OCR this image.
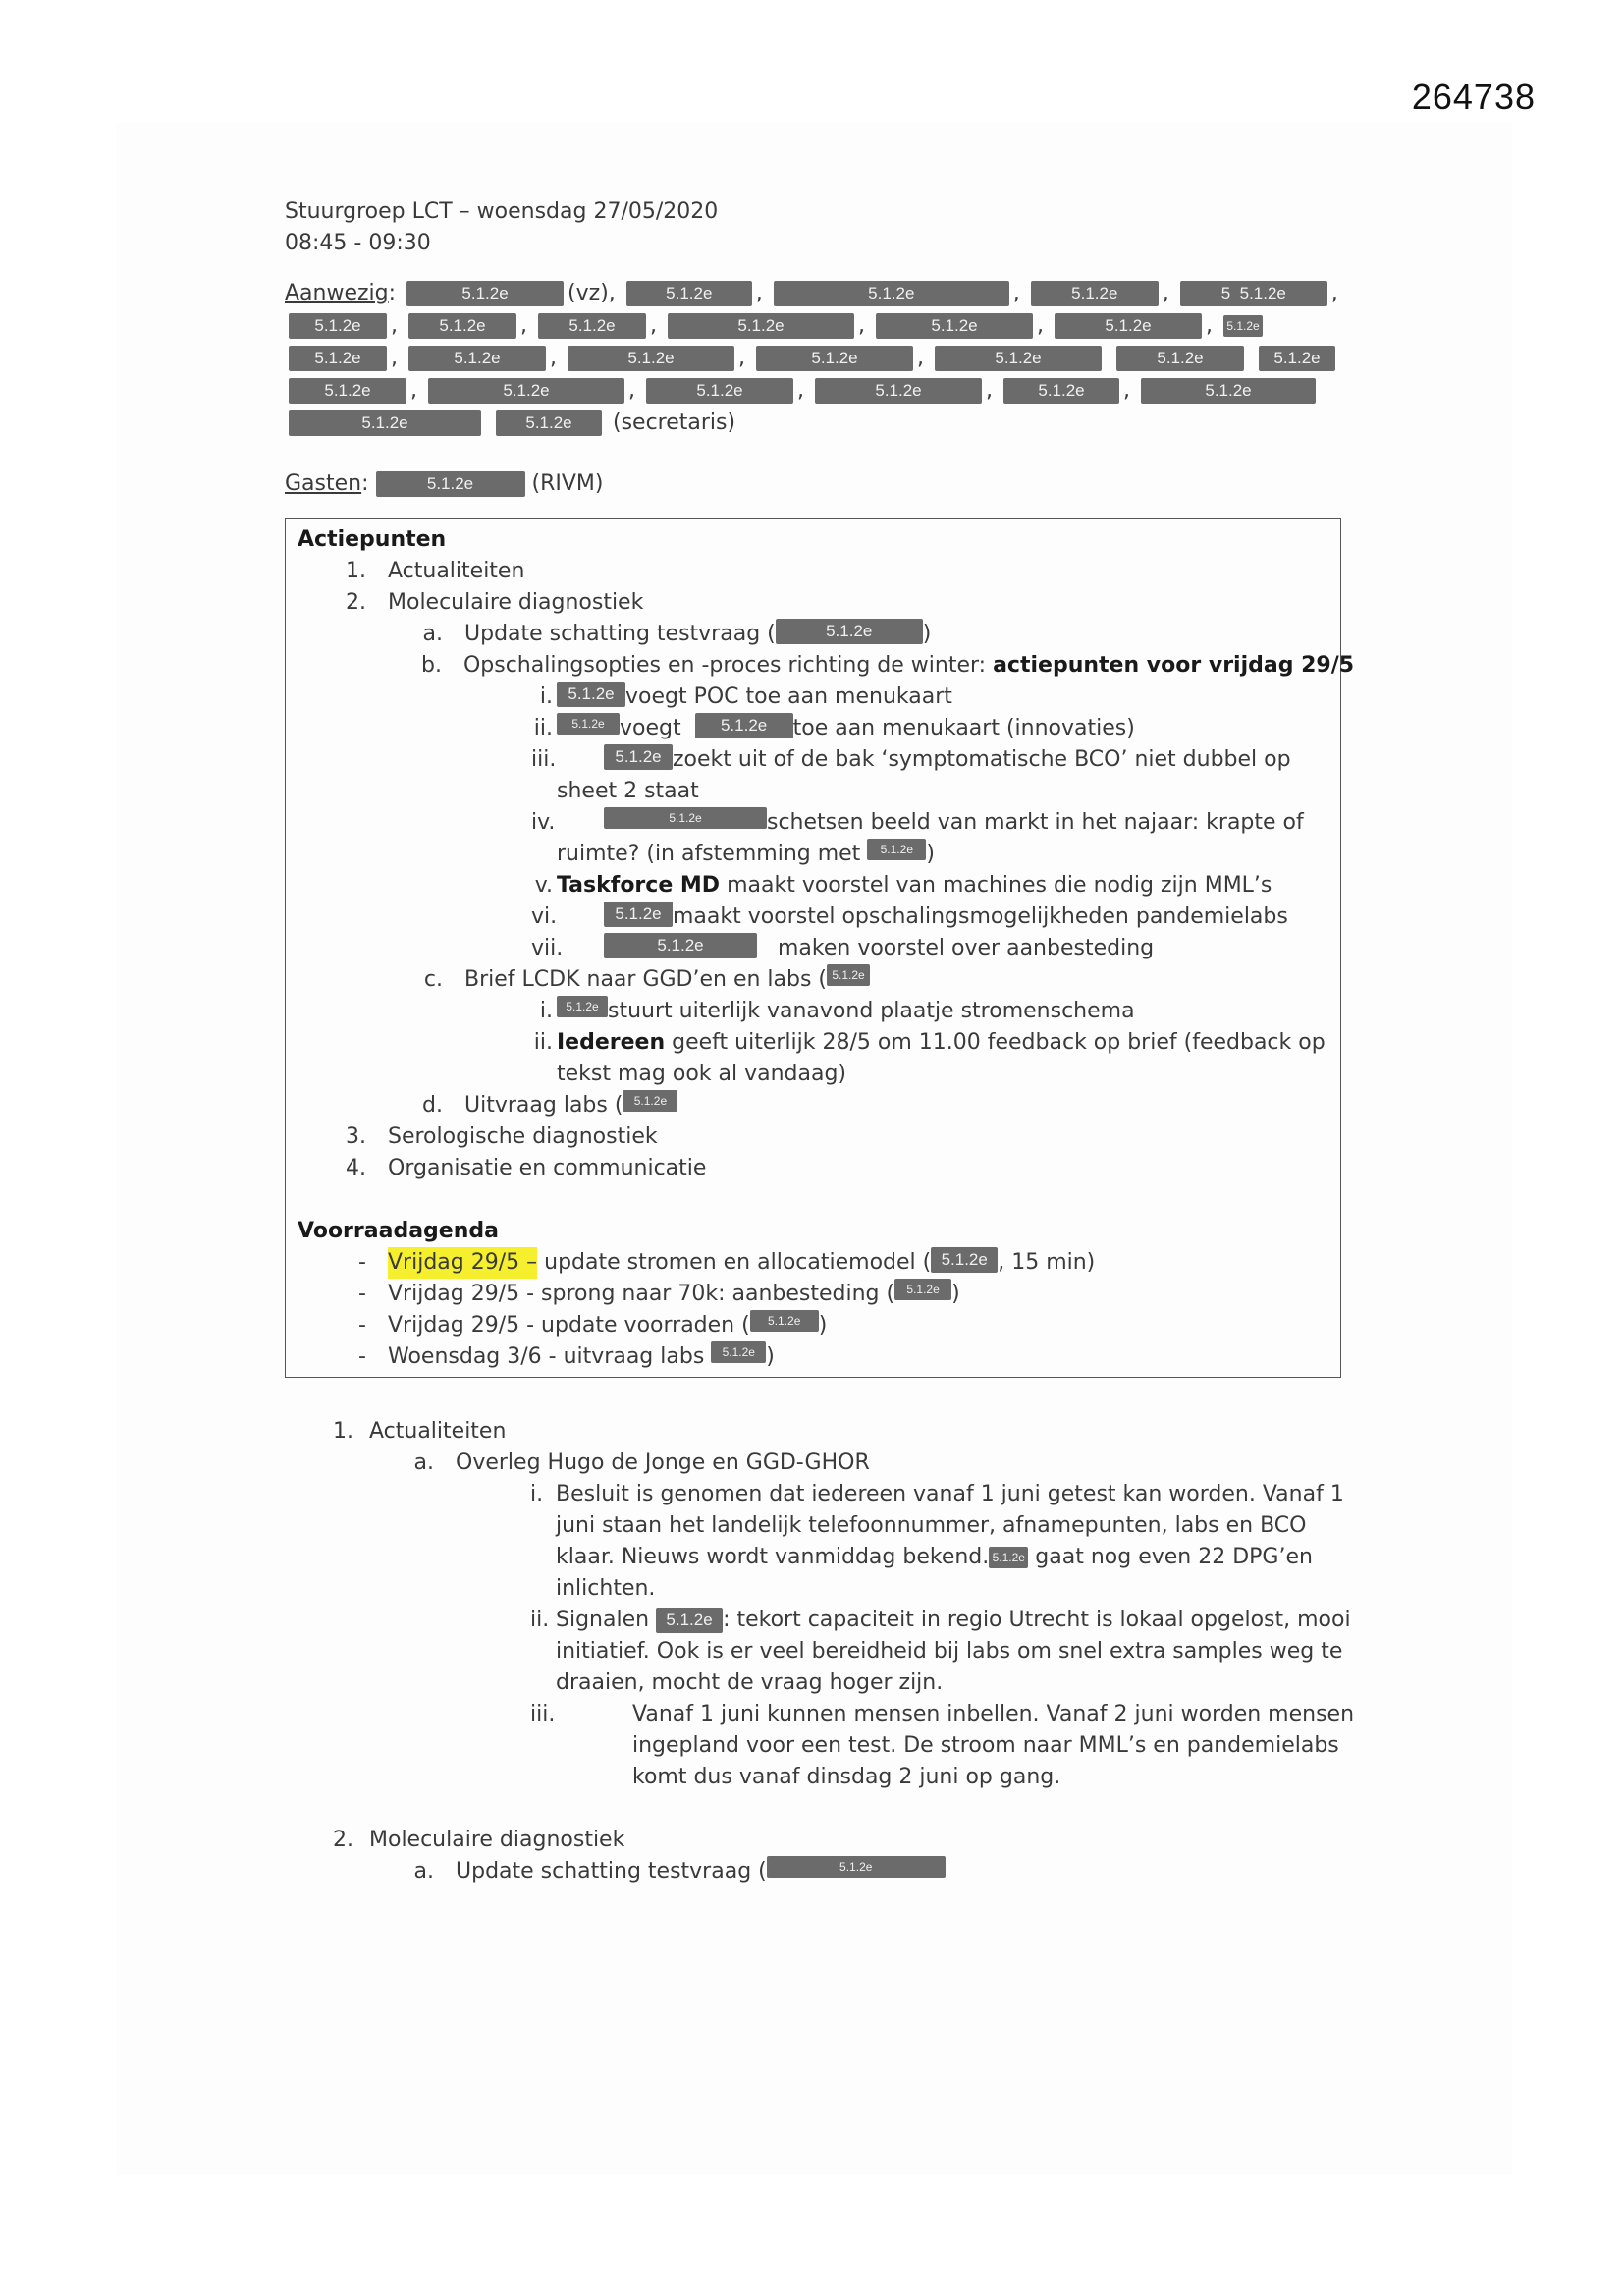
264738
Stuurgroep LCT – woensdag 27/05/2020
08:45 - 09:30
Aanwezig:	5.1.2e	(vz),	5.1.2e ,	5.1.2e	,	5.1.2e ,	5 5.1.2e ,
5.1.2e , 5.1.2e , 5.1.2e ,	5.1.2e	,	5.1.2e	,	5.1.2e	, 5.1.2e
5.1.2e ,	5.1.2e ,	5.1.2e	,	5.1.2e	,	5.1.2e	5.1.2e	5.1.2e
5.1.2e ,	5.1.2e	,	5.1.2e	,	5.1.2e	,	5.1.2e ,	5.1.2e
5.1.2e	5.1.2e (secretaris)
Gasten:	5.1.2e	(RIVM)
Actiepunten
1. Actualiteiten
2. Moleculaire diagnostiek
a. Update schatting testvraag (	5.1.2e	)
b. Opschalingsopties en -proces richting de winter:
actiepunten voor vrijdag 29/5
i. 5.1.2e voegt POC toe aan menukaart
ii.	5.1.2e voegt
	5.1.2e	toe aan menukaart (innovaties)
iii.	5.1.2e zoekt uit of de bak ‘symptomatische BCO’ niet dubbel op
sheet 2 staat
iv.	5.1.2e	schetsen beeld van markt in het najaar: krapte of
ruimte? (in afstemming met
	5.1.2e )
v. Taskforce MD
maakt voorstel van machines die nodig zijn MML’s
vi.	5.1.2e maakt voorstel opschalingsmogelijkheden pandemielabs
vii.	5.1.2e
	maken voorstel over aanbesteding
c. Brief LCDK naar GGD’en en labs ( 5.1.2e
i.	5.1.2e stuurt uiterlijk vanavond plaatje stromenschema
ii. Iedereen
geeft uiterlijk 28/5 om 11.00 feedback op brief (feedback op
tekst mag ook al vandaag)
d. Uitvraag labs ( 5.1.2e
3. Serologische diagnostiek
4. Organisatie en communicatie
Voorraadagenda
- Vrijdag 29/5 –
update stromen en allocatiemodel ( 5.1.2e , 15 min)
- Vrijdag 29/5 - sprong naar 70k: aanbesteding (	5.1.2e )
- Vrijdag 29/5 - update voorraden (	5.1.2e )
- Woensdag 3/6 - uitvraag labs
	5.1.2e )
1. Actualiteiten
a. Overleg Hugo de Jonge en GGD-GHOR
i. Besluit is genomen dat iedereen vanaf 1 juni getest kan worden. Vanaf 1 juni staan het landelijk telefoonnummer, afnamepunten, labs en BCO klaar. Nieuws wordt vanmiddag bekend. 5.1.2e gaat nog even 22 DPG’en inlichten.
ii. Signalen 5.1.2e : tekort capaciteit in regio Utrecht is lokaal opgelost, mooi initiatief. Ook is er veel bereidheid bij labs om snel extra samples weg te draaien, mocht de vraag hoger zijn.
iii.	Vanaf 1 juni kunnen mensen inbellen. Vanaf 2 juni worden mensen ingepland voor een test. De stroom naar MML’s en pandemielabs komt dus vanaf dinsdag 2 juni op gang.
2. Moleculaire diagnostiek
a. Update schatting testvraag (	5.1.2e
